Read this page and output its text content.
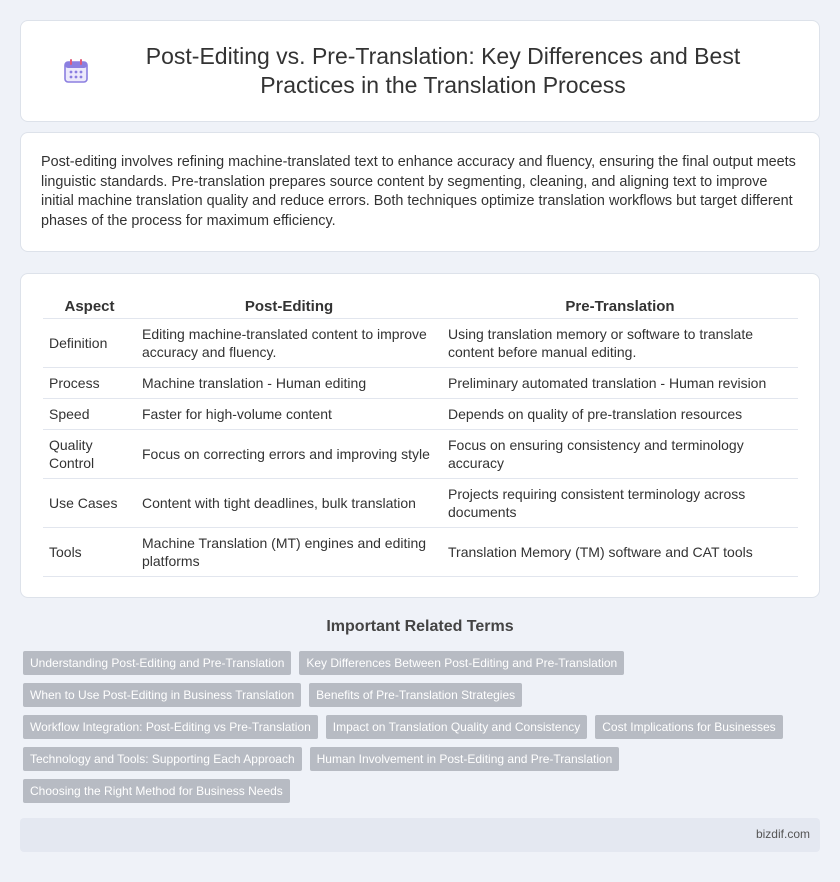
Post-Editing vs. Pre-Translation: Key Differences and Best Practices in the Translation Process

Post-editing involves refining machine-translated text to enhance accuracy and fluency, ensuring the final output meets linguistic standards. Pre-translation prepares source content by segmenting, cleaning, and aligning text to improve initial machine translation quality and reduce errors. Both techniques optimize translation workflows but target different phases of the process for maximum efficiency.

Aspect	Post-Editing	Pre-Translation
Definition	Editing machine-translated content to improve accuracy and fluency.	Using translation memory or software to translate content before manual editing.
Process	Machine translation - Human editing	Preliminary automated translation - Human revision
Speed	Faster for high-volume content	Depends on quality of pre-translation resources
Quality Control	Focus on correcting errors and improving style	Focus on ensuring consistency and terminology accuracy
Use Cases	Content with tight deadlines, bulk translation	Projects requiring consistent terminology across documents
Tools	Machine Translation (MT) engines and editing platforms	Translation Memory (TM) software and CAT tools
Important Related Terms
Understanding Post-Editing and Pre-Translation	Key Differences Between Post-Editing and Pre-Translation
When to Use Post-Editing in Business Translation	Benefits of Pre-Translation Strategies
Workflow Integration: Post-Editing vs Pre-Translation	Impact on Translation Quality and Consistency	Cost Implications for Businesses
Technology and Tools: Supporting Each Approach	Human Involvement in Post-Editing and Pre-Translation
Choosing the Right Method for Business Needs
bizdif.com
